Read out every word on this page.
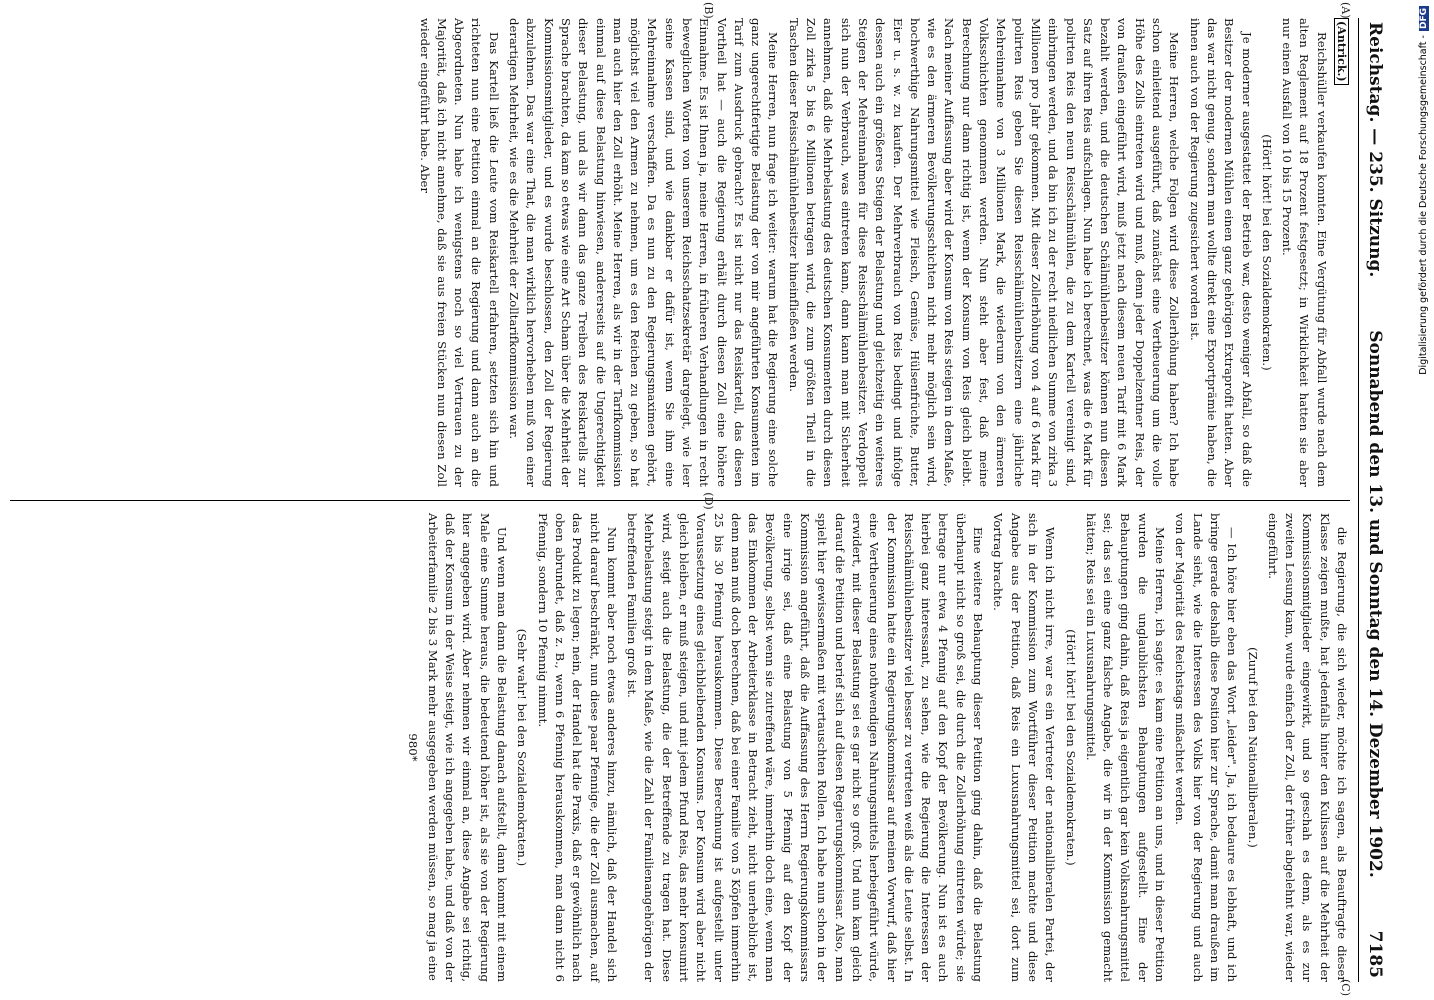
Reichstag. — 235. Sitzung.
Sonnabend den 13. und Sonntag den 14. Dezember 1902.
7185

(Antrick.)

Reichshüller verkaufen konnten. Eine Vergütung für Abfall wurde nach dem alten Reglement auf 18 Prozent festgesetzt; in Wirklichkeit hatten sie aber nur einen Ausfall von 10 bis 15 Prozent.

(Hört! hört! bei den Sozialdemokraten.)

Je moderner ausgestattet der Betrieb war, desto weniger Abfall, so daß die Besitzer der modernen Mühlen einen ganz gehörigen Extraprofit hatten. Aber das war nicht genug, sondern man wollte direkt eine Exportprämie haben, die ihnen auch von der Regierung zugesichert worden ist.

Meine Herren, welche Folgen wird diese Zollerhöhung haben? Ich habe schon einleitend ausgeführt, daß zunächst eine Vertheuerung um die volle Höhe des Zolls eintreten wird und muß, denn jeder Doppelzentner Reis, der von draußen eingeführt wird, muß jetzt nach diesem neuen Tarif mit 6 Mark bezahlt werden, und die deutschen Schälmühlenbesitzer können nun diesen Satz auf ihren Reis aufschlagen. Nun habe ich berechnet, was die 6 Mark für polirten Reis den neun Reisschälmühlen, die zu dem Kartell vereinigt sind, einbringen werden, und da bin ich zu der recht niedlichen Summe von zirka 3 Millionen pro Jahr gekommen. Mit dieser Zollerhöhung von 4 auf 6 Mark für polirten Reis geben Sie diesen Reisschälmühlenbesitzern eine jährliche Mehreinnahme von 3 Millionen Mark, die wiederum von den ärmeren Volksschichten genommen werden. Nun steht aber fest, daß meine Berechnung nur dann richtig ist, wenn der Konsum von Reis gleich bleibt. Nach meiner Auffassung aber wird der Konsum von Reis steigen in dem Maße, wie es den ärmeren Bevölkerungsschichten nicht mehr möglich sein wird, hochwerthige Nahrungsmittel wie Fleisch, Gemüse, Hülsenfrüchte, Butter, Eier u. s. w. zu kaufen. Der Mehrverbrauch von Reis bedingt und infolge dessen auch ein größeres Steigen der Belastung und gleichzeitig ein weiteres Steigen der Mehreinnahmen für diese Reisschälmühlenbesitzer. Verdoppelt sich nun der Verbrauch, was eintreten kann, dann kann man mit Sicherheit annehmen, daß die Mehrbelastung des deutschen Konsumenten durch diesen Zoll zirka 5 bis 6 Millionen betragen wird, die zum größten Theil in die Taschen dieser Reisschälmühlenbesitzer hineinfließen werden.

Meine Herren, nun frage ich weiter: warum hat die Regierung eine solche ganz ungerechtfertigte Belastung der von mir angeführten Konsumenten im Tarif zum Ausdruck gebracht? Es ist nicht nur das Reiskartell, das diesen Vortheil hat — auch die Regierung erhält durch diesen Zoll eine höhere Einnahme. Es ist Ihnen ja, meine Herren, in früheren Verhandlungen in recht beweglichen Worten von unserem Reichsschatzsekretär dargelegt, wie leer seine Kassen sind, und wie dankbar er dafür ist, wenn Sie ihm eine Mehreinnahme verschaffen. Da es nun zu den Regierungsmaximen gehört, möglichst viel den Armen zu nehmen, um es den Reichen zu geben, so hat man auch hier den Zoll erhöht. Meine Herren, als wir in der Tarifkommission einmal auf diese Belastung hinwiesen, andererseits auf die Ungerechtigkeit dieser Belastung, und als wir dann das ganze Treiben des Reiskartells zur Sprache brachten, da kam so etwas wie eine Art Scham über die Mehrheit der Kommissionsmitglieder, und es wurde beschlossen, den Zoll der Regierung abzulehnen. Das war eine That, die man wirklich hervorheben muß von einer derartigen Mehrheit, wie es die Mehrheit der Zolltarifkommission war.

Das Kartell ließ die Leute vom Reiskartell erfahren, setzten sich hin und richteten nun eine Petition einmal an die Regierung und dann auch an die Abgeordneten. Nun habe ich wenigstens noch so viel Vertrauen zu der Majorität, daß ich nicht annehme, daß sie aus freien Stücken nun diesen Zoll wieder eingeführt habe. Aber

die Regierung, die sich wieder, möchte ich sagen, als Beauftragte dieser Klasse zeigen mußte, hat jedenfalls hinter den Kulissen auf die Mehrheit der Kommissionsmitglieder eingewirkt, und so geschah es denn, als es zur zweiten Lesung kam, wurde einfach der Zoll, der früher abgelehnt war, wieder eingeführt.

(Zuruf bei den Nationalliberalen.)

— Ich höre hier eben das Wort „leider". Ja, ich bedaure es lebhaft, und ich bringe gerade deshalb diese Position hier zur Sprache, damit man draußen im Lande sieht, wie die Interessen des Volks hier von der Regierung und auch von der Majorität des Reichstags mißachtet werden.

Meine Herren, ich sagte: es kam eine Petition an uns, und in dieser Petition wurden die unglaublichsten Behauptungen aufgestellt. Eine der Behauptungen ging dahin, daß Reis ja eigentlich gar kein Volksnahrungsmittel sei; das sei eine ganz falsche Angabe, die wir in der Kommission gemacht hätten; Reis sei ein Luxusnahrungsmittel.

(Hört! hört! bei den Sozialdemokraten.)

Wenn ich nicht irre, war es ein Vertreter der nationalliberalen Partei, der sich in der Kommission zum Wortführer dieser Petition machte und diese Angabe aus der Petition, daß Reis ein Luxusnahrungsmittel sei, dort zum Vortrag brachte.

Eine weitere Behauptung dieser Petition ging dahin, daß die Belastung überhaupt nicht so groß sei, die durch die Zollerhöhung eintreten würde; sie betrage nur etwa 4 Pfennig auf den Kopf der Bevölkerung. Nun ist es auch hierbei ganz interessant, zu sehen, wie die Regierung die Interessen der Reisschälmühlenbesitzer viel besser zu vertreten weiß als die Leute selbst. In der Kommission hatte ein Regierungskommissar auf meinen Vorwurf, daß hier eine Vertheuerung eines nothwendigen Nahrungsmittels herbeigeführt würde, erwidert, mit dieser Belastung sei es gar nicht so groß. Und nun kam gleich darauf die Petition und berief sich auf diesen Regierungskommissar. Also, man spielt hier gewissermaßen mit vertauschten Rollen. Ich habe nun schon in der Kommission angeführt, daß die Auffassung des Herrn Regierungskommissars eine irrige sei, daß eine Belastung von 5 Pfennig auf den Kopf der Bevölkerung, selbst wenn sie zutreffend wäre, immerhin doch eine, wenn man das Einkommen der Arbeiterklasse in Betracht zieht, nicht unerhebliche ist, denn man muß doch berechnen, daß bei einer Familie von 5 Köpfen immerhin 25 bis 30 Pfennig herauskommen. Diese Berechnung ist aufgestellt unter Voraussetzung eines gleichbleibenden Konsums. Der Konsum wird aber nicht gleich bleiben, er muß steigen, und mit jedem Pfund Reis, das mehr konsumirt wird, steigt auch die Belastung, die der Betreffende zu tragen hat. Diese Mehrbelastung steigt in dem Maße, wie die Zahl der Familienangehörigen der betreffenden Familien groß ist.

Nun kommt aber noch etwas anderes hinzu, nämlich, daß der Handel sich nicht darauf beschränkt, nun diese paar Pfennige, die der Zoll ausmachen, auf das Produkt zu legen; nein, der Handel hat die Praxis, daß er gewöhnlich nach oben abrundet, daß z. B., wenn 6 Pfennig herauskommen, man dann nicht 6 Pfennig, sondern 10 Pfennig nimmt.

(Sehr wahr! bei den Sozialdemokraten.)

Und wenn man dann die Belastung danach aufstellt, dann kommt mit einem Male eine Summe heraus, die bedeutend höher ist, als sie von der Regierung hier angegeben wird. Aber nehmen wir einmal an, diese Angabe sei richtig, daß der Konsum in der Weise steigt, wie ich angegeben habe, und daß von der Arbeiterfamilie 2 bis 3 Mark mehr ausgegeben werden müssen, so mag ja eine

980*

(A)
(B)
(C)
(D)
Digitalisierung gefördert durch die Deutsche Forschungsgemeinschaft -DFG
